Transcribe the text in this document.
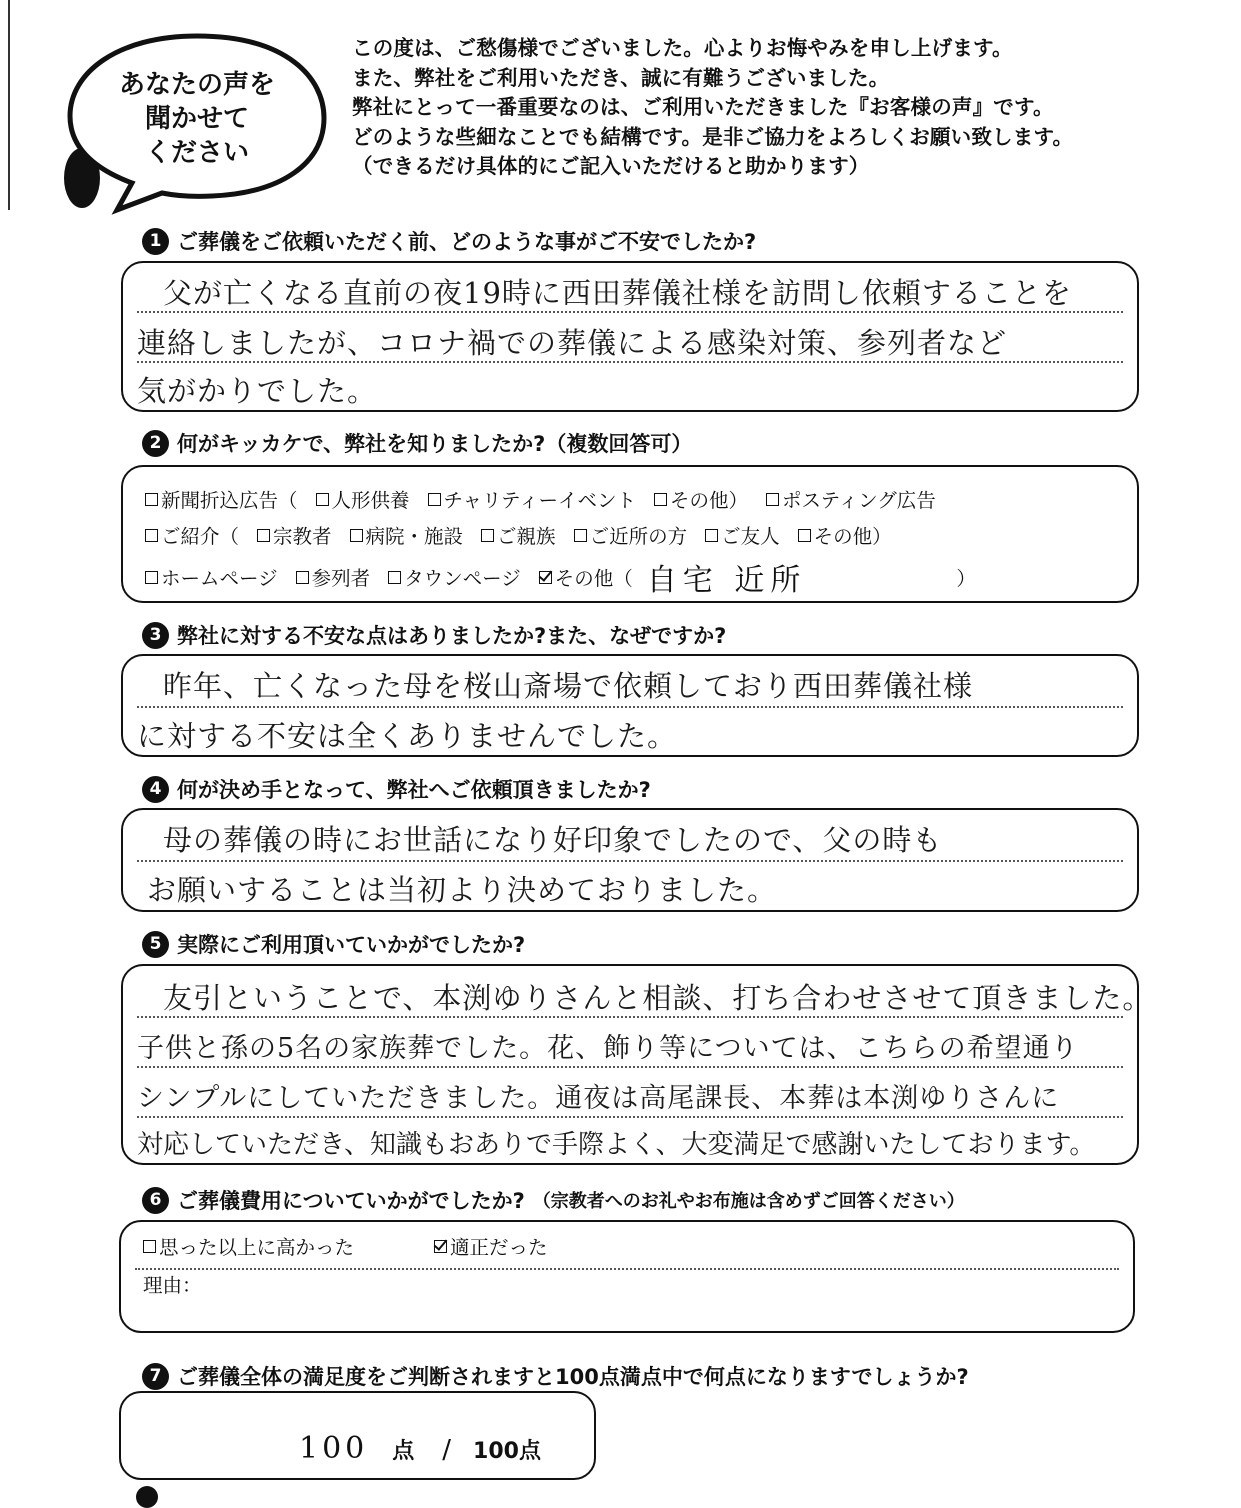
あなたの声を
聞かせて
ください
この度は、ご愁傷様でございました。心よりお悔やみを申し上げます。
また、弊社をご利用いただき、誠に有難うございました。
弊社にとって一番重要なのは、ご利用いただきました『お客様の声』です。
どのような些細なことでも結構です。是非ご協力をよろしくお願い致します。
（できるだけ具体的にご記入いただけると助かります）
1 ご葬儀をご依頼いただく前、どのような事がご不安でしたか?
父が亡くなる直前の夜19時に西田葬儀社様を訪問し依頼することを
連絡しましたが、コロナ禍での葬儀による感染対策、参列者など
気がかりでした。
2 何がキッカケで、弊社を知りましたか?（複数回答可）
新聞折込広告（ 人形供養 チャリティーイベント その他 ） ポスティング広告
ご紹介（ 宗教者 病院・施設 ご親族 ご近所の方 ご友人 その他 ）
ホームページ 参列者 タウンページ その他（ 自宅 近所	）
3 弊社に対する不安な点はありましたか?また、なぜですか?
昨年、亡くなった母を桜山斎場で依頼しており西田葬儀社様
に対する不安は全くありませんでした。
4 何が決め手となって、弊社へご依頼頂きましたか?
母の葬儀の時にお世話になり好印象でしたので、父の時も
お願いすることは当初より決めておりました。
5 実際にご利用頂いていかがでしたか?
友引ということで、本渕ゆりさんと相談、打ち合わせさせて頂きました。
子供と孫の5名の家族葬でした。花、飾り等については、こちらの希望通り
シンプルにしていただきました。通夜は高尾課長、本葬は本渕ゆりさんに
対応していただき、知識もおありで手際よく、大変満足で感謝いたしております。
6 ご葬儀費用についていかがでしたか? （宗教者へのお礼やお布施は含めずご回答ください）
思った以上に高かった	適正だった
理由：
7 ご葬儀全体の満足度をご判断されますと100点満点中で何点になりますでしょうか?
100 点 / 100点
